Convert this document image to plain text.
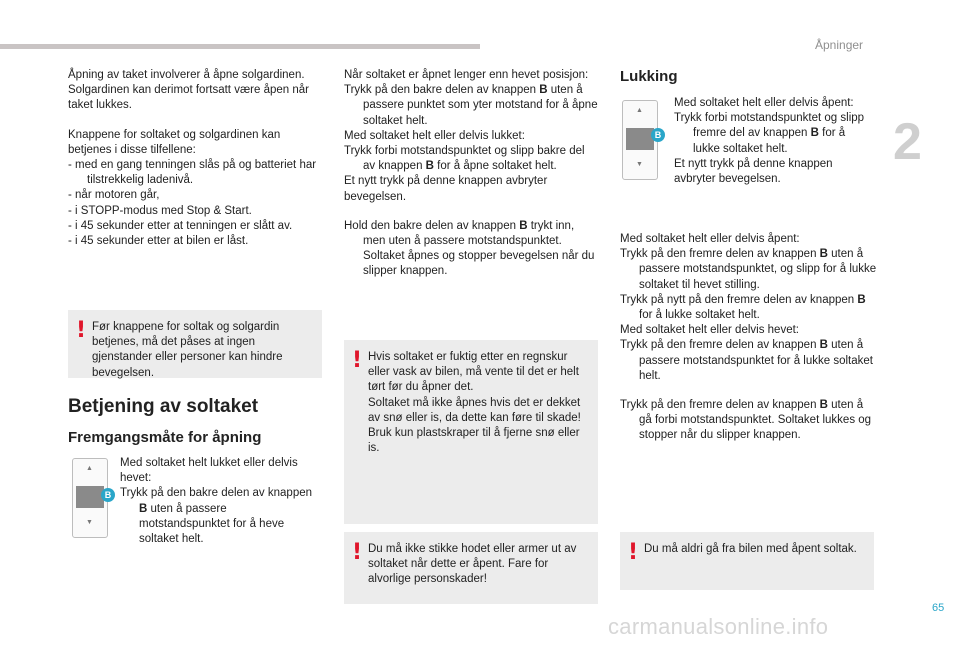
Åpninger
2

Åpning av taket involverer å åpne solgardinen.

Solgardinen kan derimot fortsatt være åpen når

taket lukkes.

Knappene for soltaket og solgardinen kan

betjenes i disse tilfellene:

- med en gang tenningen slås på og batteriet har tilstrekkelig ladenivå.

- når motoren går,

- i STOPP-modus med Stop & Start.

- i 45 sekunder etter at tenningen er slått av.

- i 45 sekunder etter at bilen er låst.

! Før knappene for soltak og solgardin betjenes, må det påses at ingen gjenstander eller personer kan hindre bevegelsen.
Betjening av soltaket
Fremgangsmåte for åpning
▲
▼
B

Med soltaket helt lukket eller delvis

hevet:

Trykk på den bakre delen av knappen B uten å passere motstandspunktet for å heve soltaket helt.

Når soltaket er åpnet lenger enn hevet posisjon:

Trykk på den bakre delen av knappen B uten å passere punktet som yter motstand for å åpne soltaket helt.

Med soltaket helt eller delvis lukket:

Trykk forbi motstandspunktet og slipp bakre del av knappen B for å åpne soltaket helt.

Et nytt trykk på denne knappen avbryter bevegelsen.

Hold den bakre delen av knappen B trykt inn, men uten å passere motstandspunktet. Soltaket åpnes og stopper bevegelsen når du slipper knappen.

! Hvis soltaket er fuktig etter en regnskur eller vask av bilen, må vente til det er helt tørt før du åpner det.
Soltaket må ikke åpnes hvis det er dekket av snø eller is, da dette kan føre til skade! Bruk kun plastskraper til å fjerne snø eller is.
! Du må ikke stikke hodet eller armer ut av soltaket når dette er åpent. Fare for alvorlige personskader!
Lukking
▲
▼
B

Med soltaket helt eller delvis åpent:

Trykk forbi motstandspunktet og slipp fremre del av knappen B for å lukke soltaket helt.

Et nytt trykk på denne knappen avbryter bevegelsen.

Med soltaket helt eller delvis åpent:

Trykk på den fremre delen av knappen B uten å passere motstandspunktet, og slipp for å lukke soltaket til hevet stilling.

Trykk på nytt på den fremre delen av knappen B for å lukke soltaket helt.

Med soltaket helt eller delvis hevet:

Trykk på den fremre delen av knappen B uten å passere motstandspunktet for å lukke soltaket helt.

Trykk på den fremre delen av knappen B uten å gå forbi motstandspunktet. Soltaket lukkes og stopper når du slipper knappen.

! Du må aldri gå fra bilen med åpent soltak.
65
carmanualsonline.info
